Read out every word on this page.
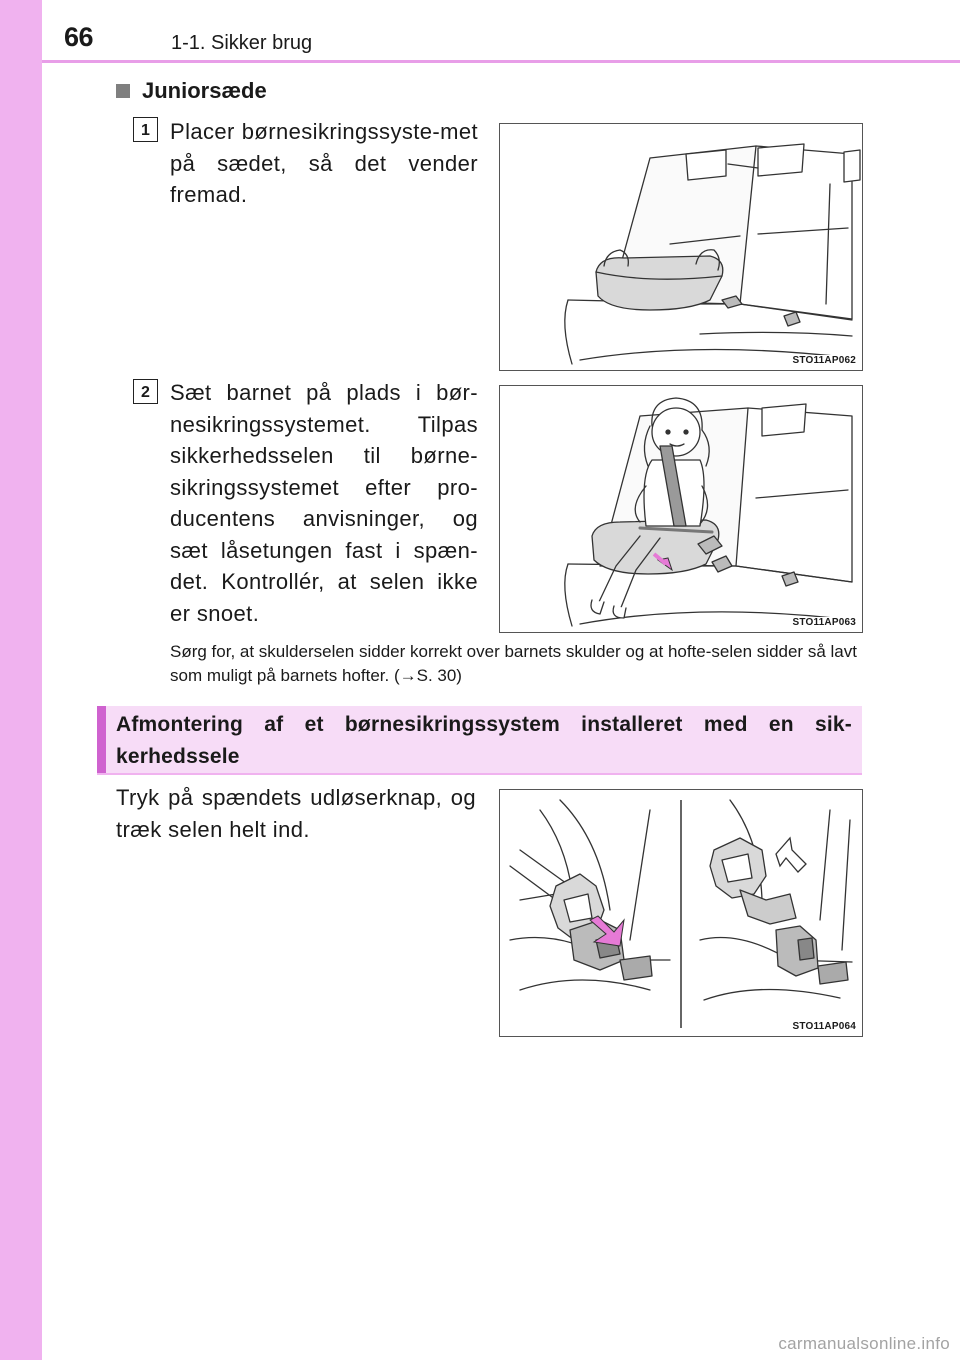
66	1-1. Sikker brug
Juniorsæde
1 Placer børnesikringssyste-met på sædet, så det vender fremad.
STO11AP062
2 Sæt barnet på plads i bør-nesikringssystemet. Tilpas sikkerhedsselen til børne-sikringssystemet efter pro-ducentens anvisninger, og sæt låsetungen fast i spæn-det. Kontrollér, at selen ikke er snoet.	STO11AP063
Sørg for, at skulderselen sidder korrekt over barnets skulder og at hofte-selen sidder så lavt som muligt på barnets hofter. (→S. 30)
Afmontering af et børnesikringssystem installeret med en sik-kerhedssele
Tryk på spændets udløserknap, og træk selen helt ind.
STO11AP064
carmanualsonline.info
